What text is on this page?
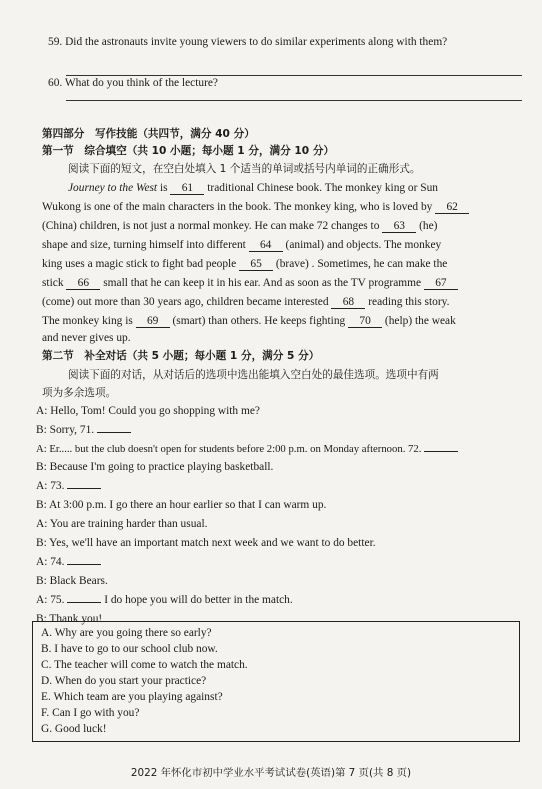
59. Did the astronauts invite young viewers to do similar experiments along with them?
60. What do you think of the lecture?
第四部分　写作技能（共四节，满分 40 分）
第一节　综合填空（共 10 小题；每小题 1 分，满分 10 分）
阅读下面的短文，在空白处填入 1 个适当的单词或括号内单词的正确形式。
Journey to the West is 61 traditional Chinese book. The monkey king or Sun
Wukong is one of the main characters in the book. The monkey king, who is loved by 62
(China) children, is not just a normal monkey. He can make 72 changes to 63 (he)
shape and size, turning himself into different 64 (animal) and objects. The monkey
king uses a magic stick to fight bad people 65 (brave) . Sometimes, he can make the
stick 66 small that he can keep it in his ear. And as soon as the TV programme 67
(come) out more than 30 years ago, children became interested 68 reading this story.
The monkey king is 69 (smart) than others. He keeps fighting 70 (help) the weak
and never gives up.
第二节　补全对话（共 5 小题；每小题 1 分，满分 5 分）
阅读下面的对话，从对话后的选项中选出能填入空白处的最佳选项。选项中有两
项为多余选项。
A: Hello, Tom! Could you go shopping with me?
B: Sorry, 71.
A: Er..... but the club doesn't open for students before 2:00 p.m. on Monday afternoon. 72.
B: Because I'm going to practice playing basketball.
A: 73.
B: At 3:00 p.m. I go there an hour earlier so that I can warm up.
A: You are training harder than usual.
B: Yes, we'll have an important match next week and we want to do better.
A: 74.
B: Black Bears.
A: 75.	I do hope you will do better in the match.
B: Thank you!
A. Why are you going there so early?
B. I have to go to our school club now.
C. The teacher will come to watch the match.
D. When do you start your practice?
E. Which team are you playing against?
F. Can I go with you?
G. Good luck!
2022 年怀化市初中学业水平考试试卷(英语)第 7 页(共 8 页)
